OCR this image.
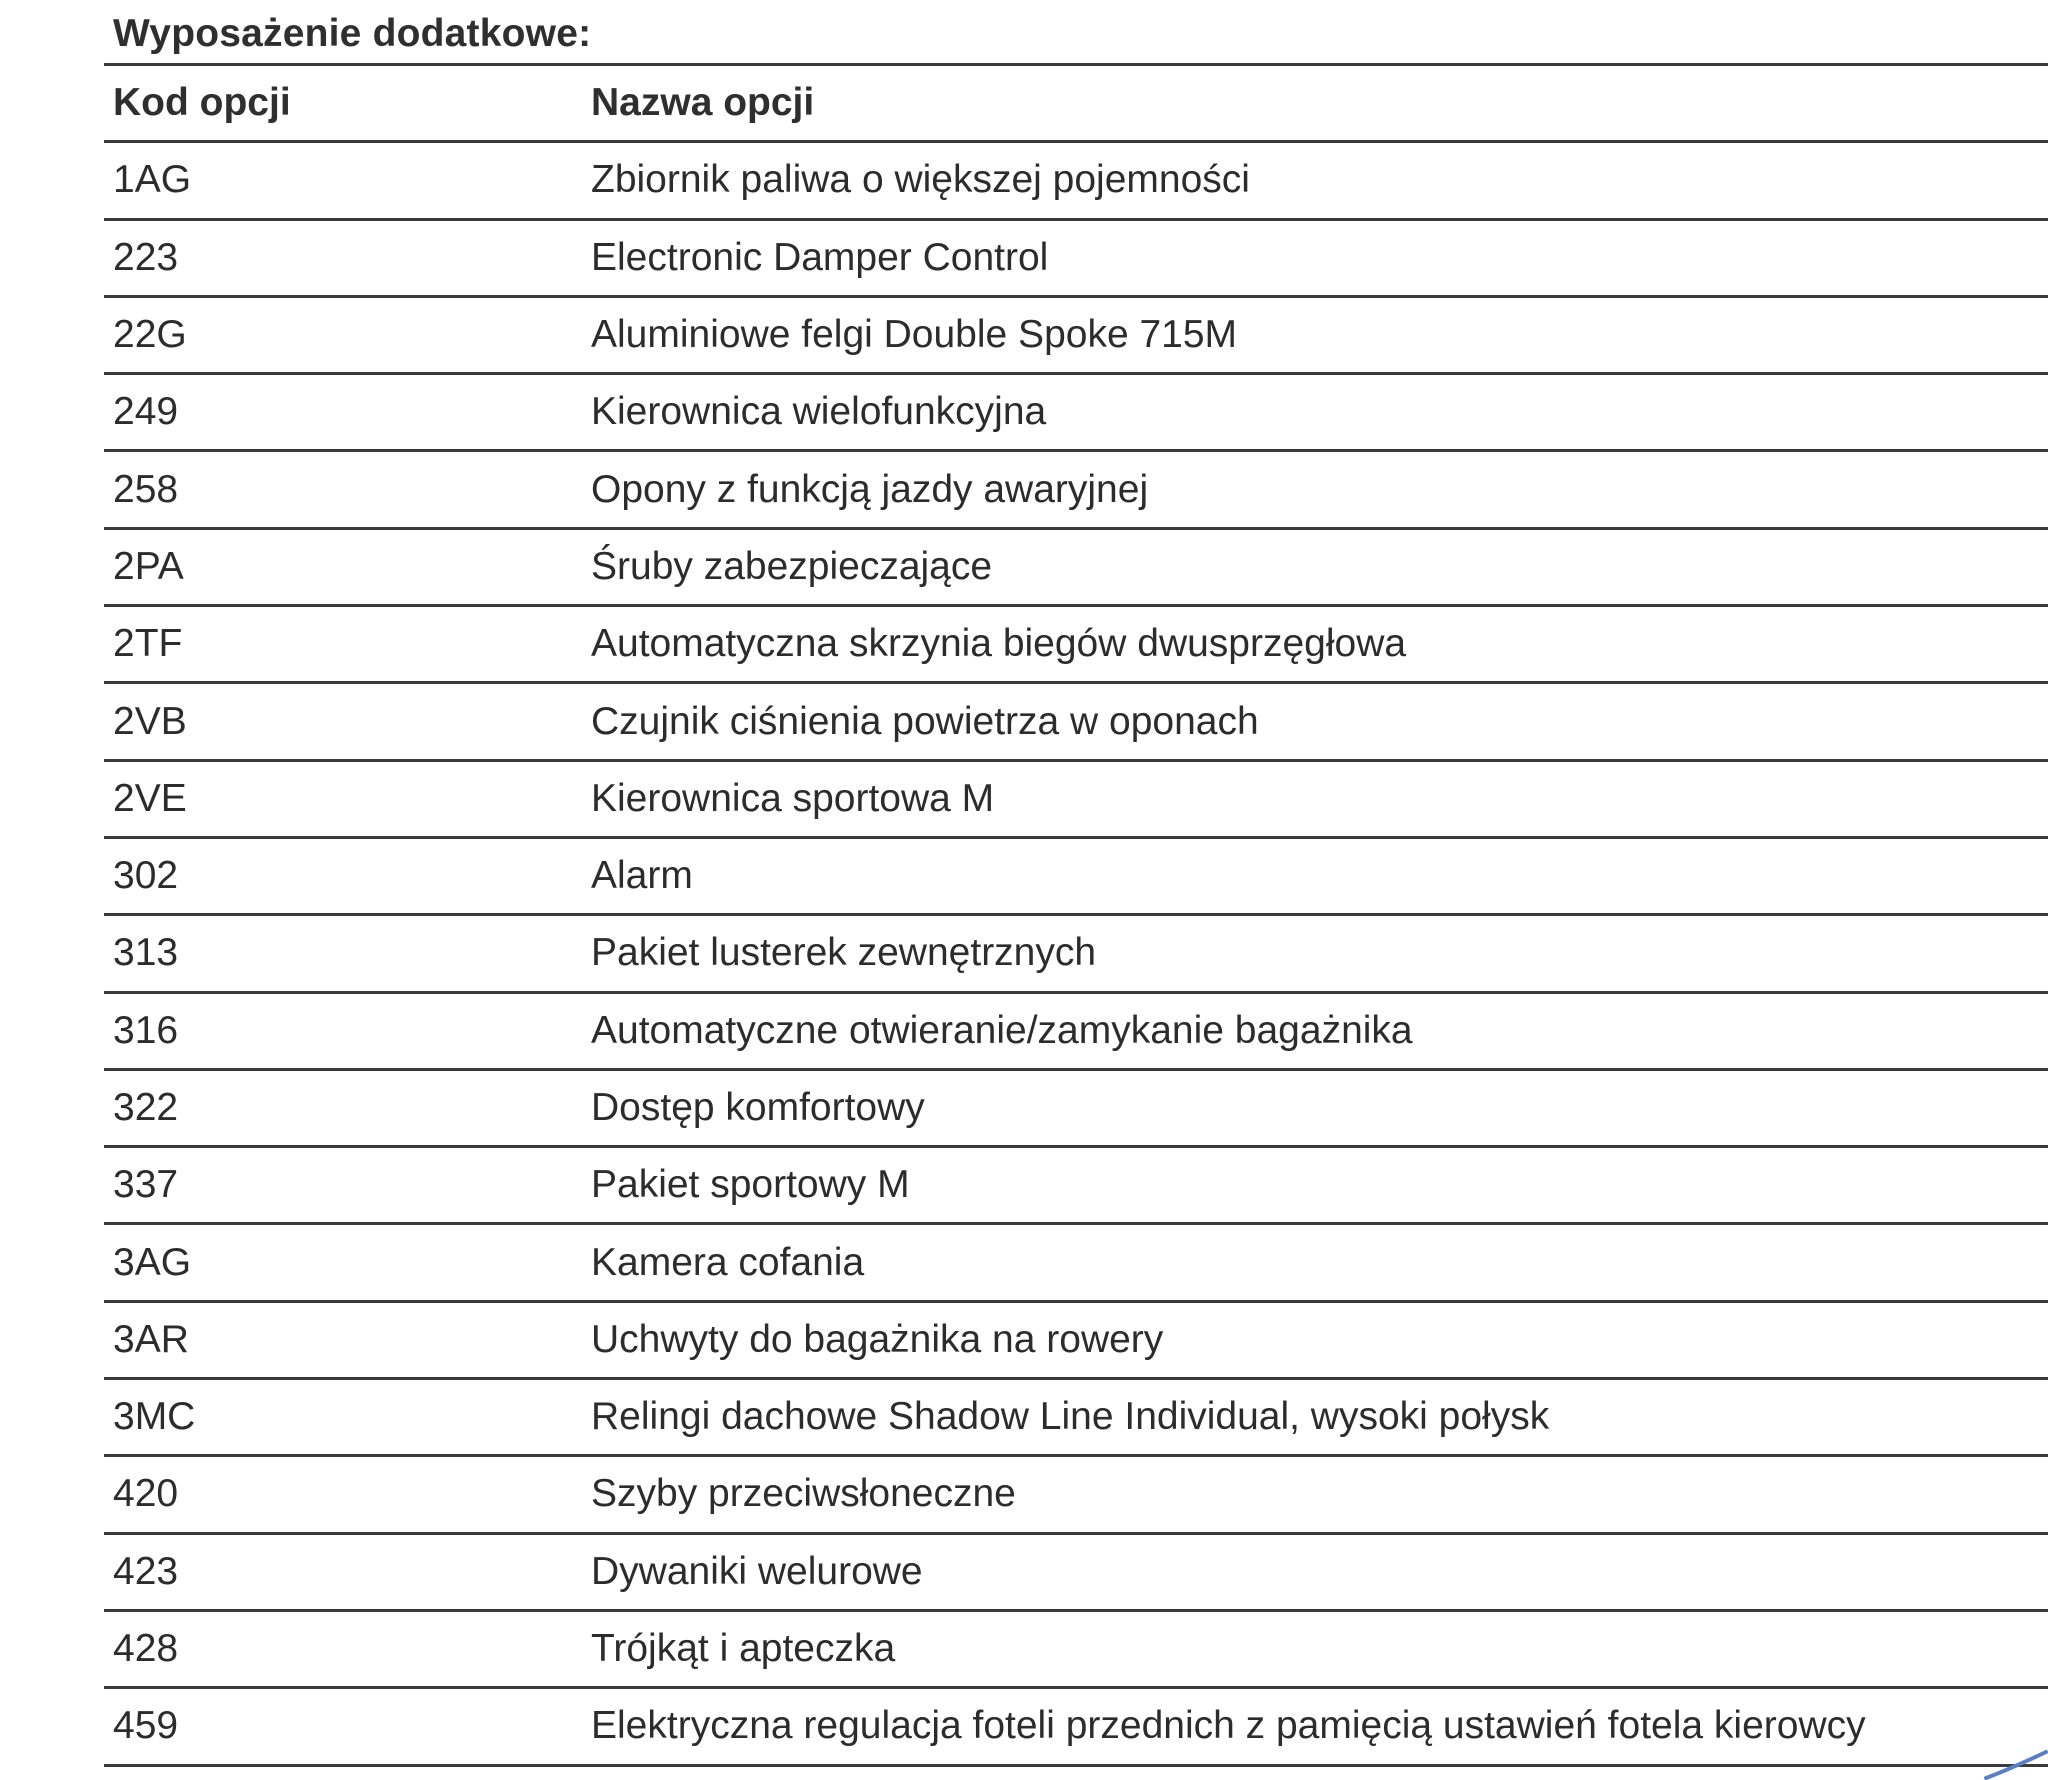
Wyposażenie dodatkowe:
Kod opcji	Nazwa opcji
1AG	Zbiornik paliwa o większej pojemności
223	Electronic Damper Control
22G	Aluminiowe felgi Double Spoke 715M
249	Kierownica wielofunkcyjna
258	Opony z funkcją jazdy awaryjnej
2PA	Śruby zabezpieczające
2TF	Automatyczna skrzynia biegów dwusprzęgłowa
2VB	Czujnik ciśnienia powietrza w oponach
2VE	Kierownica sportowa M
302	Alarm
313	Pakiet lusterek zewnętrznych
316	Automatyczne otwieranie/zamykanie bagażnika
322	Dostęp komfortowy
337	Pakiet sportowy M
3AG	Kamera cofania
3AR	Uchwyty do bagażnika na rowery
3MC	Relingi dachowe Shadow Line Individual, wysoki połysk
420	Szyby przeciwsłoneczne
423	Dywaniki welurowe
428	Trójkąt i apteczka
459	Elektryczna regulacja foteli przednich z pamięcią ustawień fotela kierowcy
